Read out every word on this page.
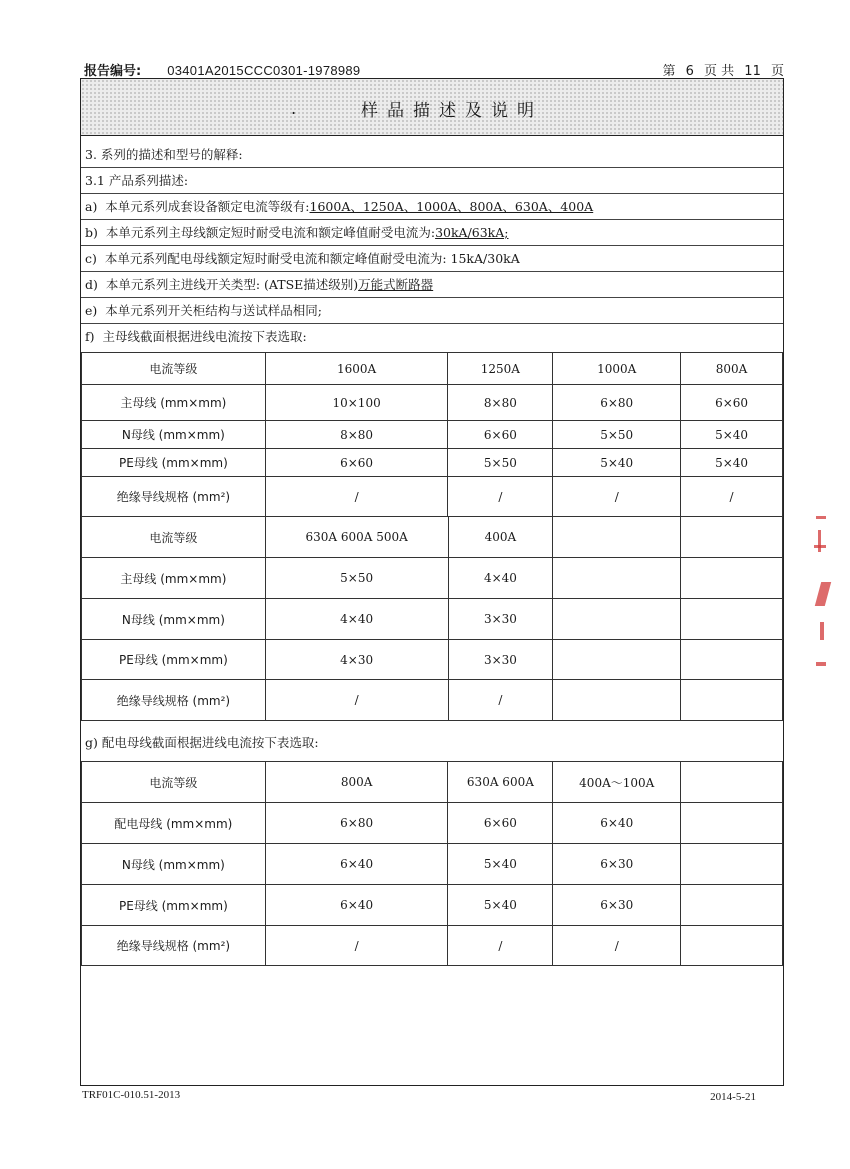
报告编号: 03401A2015CCC0301-1978989	第 6 页 共 11 页
.	样品描述及说明
3. 系列的描述和型号的解释:
3.1 产品系列描述:
a) 本单元系列成套设备额定电流等级有:1600A、1250A、1000A、800A、630A、400A
b) 本单元系列主母线额定短时耐受电流和额定峰值耐受电流为:30kA/63kA;
c) 本单元系列配电母线额定短时耐受电流和额定峰值耐受电流为: 15kA/30kA
d) 本单元系列主进线开关类型: (ATSE描述级别)万能式断路器
e) 本单元系列开关柜结构与送试样品相同;
f) 主母线截面根据进线电流按下表选取:
电流等级	1600A	1250A	1000A	800A
主母线 (mm×mm)	10×100	8×80	6×80	6×60
N母线 (mm×mm)	8×80	6×60	5×50	5×40
PE母线 (mm×mm)	6×60	5×50	5×40	5×40
绝缘导线规格 (mm²)	/	/	/	/
电流等级	630A 600A 500A	400A		
主母线 (mm×mm)	5×50	4×40		
N母线 (mm×mm)	4×40	3×30		
PE母线 (mm×mm)	4×30	3×30		
绝缘导线规格 (mm²)	/	/		
g) 配电母线截面根据进线电流按下表选取:
电流等级	800A	630A 600A	400A～100A	
配电母线 (mm×mm)	6×80	6×60	6×40	
N母线 (mm×mm)	6×40	5×40	6×30	
PE母线 (mm×mm)	6×40	5×40	6×30	
绝缘导线规格 (mm²)	/	/	/	
TRF01C-010.51-2013	2014-5-21
